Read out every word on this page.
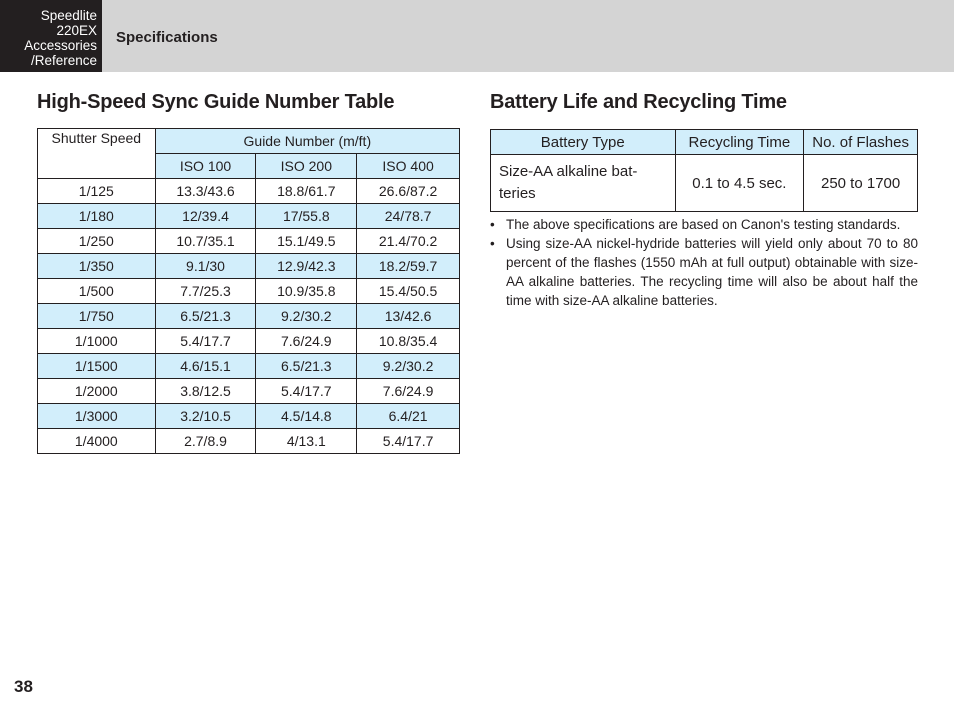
Speedlite
220EX
Accessories
/Reference
Specifications
High-Speed Sync Guide Number Table	Battery Life and Recycling Time
Shutter Speed	Guide Number (m/ft)		
	ISO 100	ISO 200	ISO 400
1/125	13.3/43.6	18.8/61.7	26.6/87.2
1/180	12/39.4	17/55.8	24/78.7
1/250	10.7/35.1	15.1/49.5	21.4/70.2
1/350	9.1/30	12.9/42.3	18.2/59.7
1/500	7.7/25.3	10.9/35.8	15.4/50.5
1/750	6.5/21.3	9.2/30.2	13/42.6
1/1000	5.4/17.7	7.6/24.9	10.8/35.4
1/1500	4.6/15.1	6.5/21.3	9.2/30.2
1/2000	3.8/12.5	5.4/17.7	7.6/24.9
1/3000	3.2/10.5	4.5/14.8	6.4/21
1/4000	2.7/8.9	4/13.1	5.4/17.7
Battery Type	Recycling Time	No. of Flashes
Size-AA alkaline bat-teries	0.1 to 4.5 sec.	250 to 1700
• The above specifications are based on Canon's testing standards.
• Using size-AA nickel-hydride batteries will yield only about 70 to 80 percent of the flashes (1550 mAh at full output) obtainable with size-AA alkaline batteries. The recycling time will also be about half the time with size-AA alkaline batteries.
38
